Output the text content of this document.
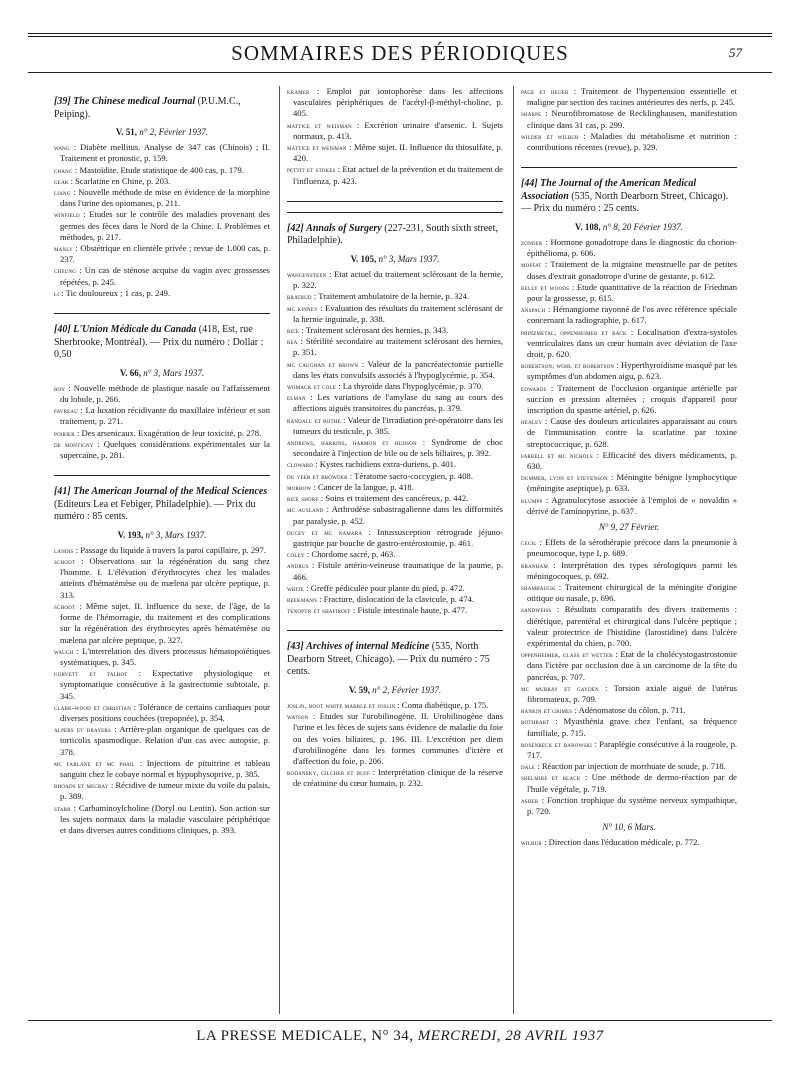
SOMMAIRES DES PÉRIODIQUES	57
[39] The Chinese medical Journal (P.U.M.C., Peiping).
V. 51, n° 2, Février 1937.

wang : Diabète mellitus. Analyse de 347 cas (Chinois) ; II. Traitement et pronostic, p. 159.

chang : Mastoïdite. Etude statistique de 400 cas, p. 179.

gear : Scarlatine en Chine, p. 203.

liang : Nouvelle méthode de mise en évidence de la morphine dans l'urine des opiomanes, p. 211.

winfield : Etudes sur le contrôle des maladies provenant des germes des fèces dans le Nord de la Chine. I. Problèmes et méthodes, p. 217.

manly : Obstétrique en clientèle privée ; revue de 1.000 cas, p. 237.

cheung : Un cas de sténose acquise du vagin avec grossesses répétées, p. 245.

li : Tic douloureux ; 1 cas, p. 249.

[40] L'Union Médicale du Canada (418, Est, rue Sherbrooke, Montréal). — Prix du numéro : Dollar : 0,50
V. 66, n° 3, Mars 1937.

roy : Nouvelle méthode de plastique nasale ou l'affaissement du lobule, p. 266.

favreau : La luxation récidivante du maxillaire inférieur et son traitement, p. 271.

poirier : Des arsenicaux. Exagération de leur toxicité, p. 278.

de montigny : Quelques considérations expérimentales sur la supercaïne, p. 281.

[41] The American Journal of the Medical Sciences (Editeurs Lea et Febiger, Philadelphie). — Prix du numéro : 85 cents.
V. 193, n° 3, Mars 1937.

landis : Passage du liquide à travers la paroi capillaire, p. 297.

schodt : Observations sur la régénération du sang chez l'homme. I. L'élévation d'érythrocytes chez les malades atteints d'hématémèse ou de mælena par ulcère peptique, p. 313.

schodt : Même sujet. II. Influence du sexe, de l'âge, de la forme de l'hémorragie, du traitement et des complications sur la régénération des érythrocytes après hématémèse ou mælena par ulcère peptique, p. 327.

waugh : L'interrelation des divers processus hématopoïétiques systématiques, p. 345.

gorvett et talbot : Expectative physiologique et symptomatique consécutive à la gastrectomie subtotale, p. 345.

clark-wood et christian : Tolérance de certains cardiaques pour diverses positions couchées (trepopnée), p. 354.

alpers et drayers : Arrière-plan organique de quelques cas de torticolis spasmodique. Relation d'un cas avec autopsie, p. 378.

mc farlane et mc phail : Injections de pituitrine et tableau sanguin chez le cobaye normal et hypophysoprive, p. 385.

rhoads et mecray : Récidive de tumeur mixte du voile du palais, p. 389.

starr : Carbaminoylcholine (Doryl ou Lentin). Son action sur les sujets normaux dans la maladie vasculaire périphérique et dans diverses autres conditions cliniques, p. 393.

kramer : Emploi par iontophorèse dans les affections vasculaires périphériques de l'acétyl-β-méthyl-choline, p. 405.

mattice et weisman : Excrétion urinaire d'arsenic. I. Sujets normaux, p. 413.

mattice et weisman : Même sujet. II. Influence du thiosulfate, p. 420.

pettit et stokes : Etat actuel de la prévention et du traitement de l'influenza, p. 423.

[42] Annals of Surgery (227-231, South sixth street, Philadelphie).
V. 105, n° 3, Mars 1937.

wangensteen : Etat actuel du traitement sclérosant de la hernie, p. 322.

bratrud : Traitement ambulatoire de la hernie, p. 324.

mc kinney : Evaluation des résultats du traitement sclérosant de la hernie inguinale, p. 338.

rice : Traitement sclérosant des hernies, p. 343.

rea : Stérilité secondaire au traitement sclérosant des hernies, p. 351.

mc caughan et brown : Valeur de la pancréatectomie partielle dans les états convulsifs associés à l'hypoglycémie, p. 354.

womack et cole : La thyroïde dans l'hypoglycémie, p. 370.

elman : Les variations de l'amylase du sang au cours des affections aiguës transitoires du pancréas, p. 379.

randall et bothe : Valeur de l'irradiation pré-opératoire dans les tumeurs du testicule, p. 385.

andrews, harkins, harmon et hudson : Syndrome de choc secondaire à l'injection de bile ou de sels biliaires, p. 392.

cloward : Kystes rachidiens extra-duriens, p. 401.

du veer et browder : Tératome sacro-coccygien, p. 408.

morrow : Cancer de la langue, p. 418.

rice shore : Soins et traitement des cancéreux, p. 442.

mc ausland : Arthrodèse subastragalienne dans les difformités par paralysie, p. 452.

ducey et mc namara : Intussusception rétrograde jéjuno-gastrique par bouche de gastro-entérostomie, p. 461.

coley : Chordome sacré, p. 463.

andrus : Fistule artério-veineuse traumatique de la paume, p. 466.

white : Greffe pédiculée pour plante du pied, p. 472.

beekmann : Fracture, dislocation de la clavicule, p. 474.

tenopyr et shafiroff : Fistule intestinale haute, p. 477.

[43] Archives of internal Medicine (535, North Dearborn Street, Chicago). — Prix du numéro : 75 cents.
V. 59, n° 2, Février 1937.

joslin, root white marble et joslin : Coma diabétique, p. 175.

watson : Etudes sur l'urobilinogène. II. Urobilinogène dans l'urine et les fèces de sujets sans évidence de maladie du foie ou des voies biliaires, p. 196. III. L'excrétion per diem d'urobilinogène dans les formes communes d'ictère et d'affection du foie, p. 206.

bodansky, gilcher et duff : Interprétation clinique de la réserve de créatinine du cœur humain, p. 232.

page et heuer : Traitement de l'hypertension essentielle et maligne par section des racines antérieures des nerfs, p. 245.

sharpe : Neurofibromatose de Recklinghausen, manifestation clinique dans 31 cas, p. 299.

wilder et wilbur : Maladies du métabolisme et nutrition : contributions récentes (revue), p. 329.

[44] The Journal of the American Medical Association (535, North Dearborn Street, Chicago). — Prix du numéro : 25 cents.
V. 108, n° 8, 20 Février 1937.

zondek : Hormone gonadotrope dans le diagnostic du chorion-épithélioma, p. 606.

moffat : Traitement de la migraine menstruelle par de petites doses d'extrait gonadotrope d'urine de gestante, p. 612.

kelly et woods : Etude quantitative de la réaction de Friedman pour la grossesse, p. 615.

anspach : Hémangiome rayonné de l'os avec référence spéciale concernant la radiographie, p. 617.

prinzmetal, oppenheimer et back : Localisation d'extra-systoles ventriculaires dans un cœur humain avec déviation de l'axe droit, p. 620.

robertson, wohl et robertson : Hyperthyroïdisme masqué par les symptômes d'un abdomen aigu, p. 623.

edwards : Traitement de l'occlusion organique artérielle par succion et pression alternées ; croquis d'appareil pour inscription du spasme artériel, p. 626.

healey : Cause des douleurs articulaires apparaissant au cours de l'immunisation contre la scarlatine par toxine streptococcique, p. 628.

farrell et mc nichols : Efficacité des divers médicaments, p. 630.

dummer, lyon et stevenson : Méningite bénigne lymphocytique (méningite aseptique), p. 633.

klumpp : Agranulocytose associée à l'emploi de « novaldin » dérivé de l'aminopyrine, p. 637.

N° 9, 27 Février.

cecil : Effets de la sérothérapie précoce dans la pneumonie à pneumocoque, type I, p. 689.

branham : Interprétation des types sérologiques parmi les méningocoques, p. 692.

shambaugh : Traitement chirurgical de la méningite d'origine otitique ou nasale, p. 696.

sandweiss : Résultats comparatifs des divers traitements : diététique, parentéral et chirurgical dans l'ulcère peptique ; valeur protectrice de l'histidine (larostidine) dans l'ulcère expérimental du chien, p. 700.

oppenheimer, glass et wetter : Etat de la cholécystogastrostomie dans l'ictère par occlusion due à un carcinome de la tête du pancréas, p. 707.

mc murray et gayden : Torsion axiale aiguë de l'utérus fibromateux, p. 709.

rankin et grimes : Adénomatose du côlon, p. 711.

rothbart : Myasthénia grave chez l'enfant, sa fréquence familiale, p. 715.

rosenbeck et barowski : Paraplégie consécutive à la rougeole, p. 717.

dale : Réaction par injection de morrhuate de soude, p. 718.

shelmire et black : Une méthode de dermo-réaction par de l'huile végétale, p. 719.

asher : Fonction trophique du système nerveux sympathique, p. 720.

N° 10, 6 Mars.

wilbur : Direction dans l'éducation médicale, p. 772.

LA PRESSE MEDICALE, N° 34, MERCREDI, 28 AVRIL 1937
